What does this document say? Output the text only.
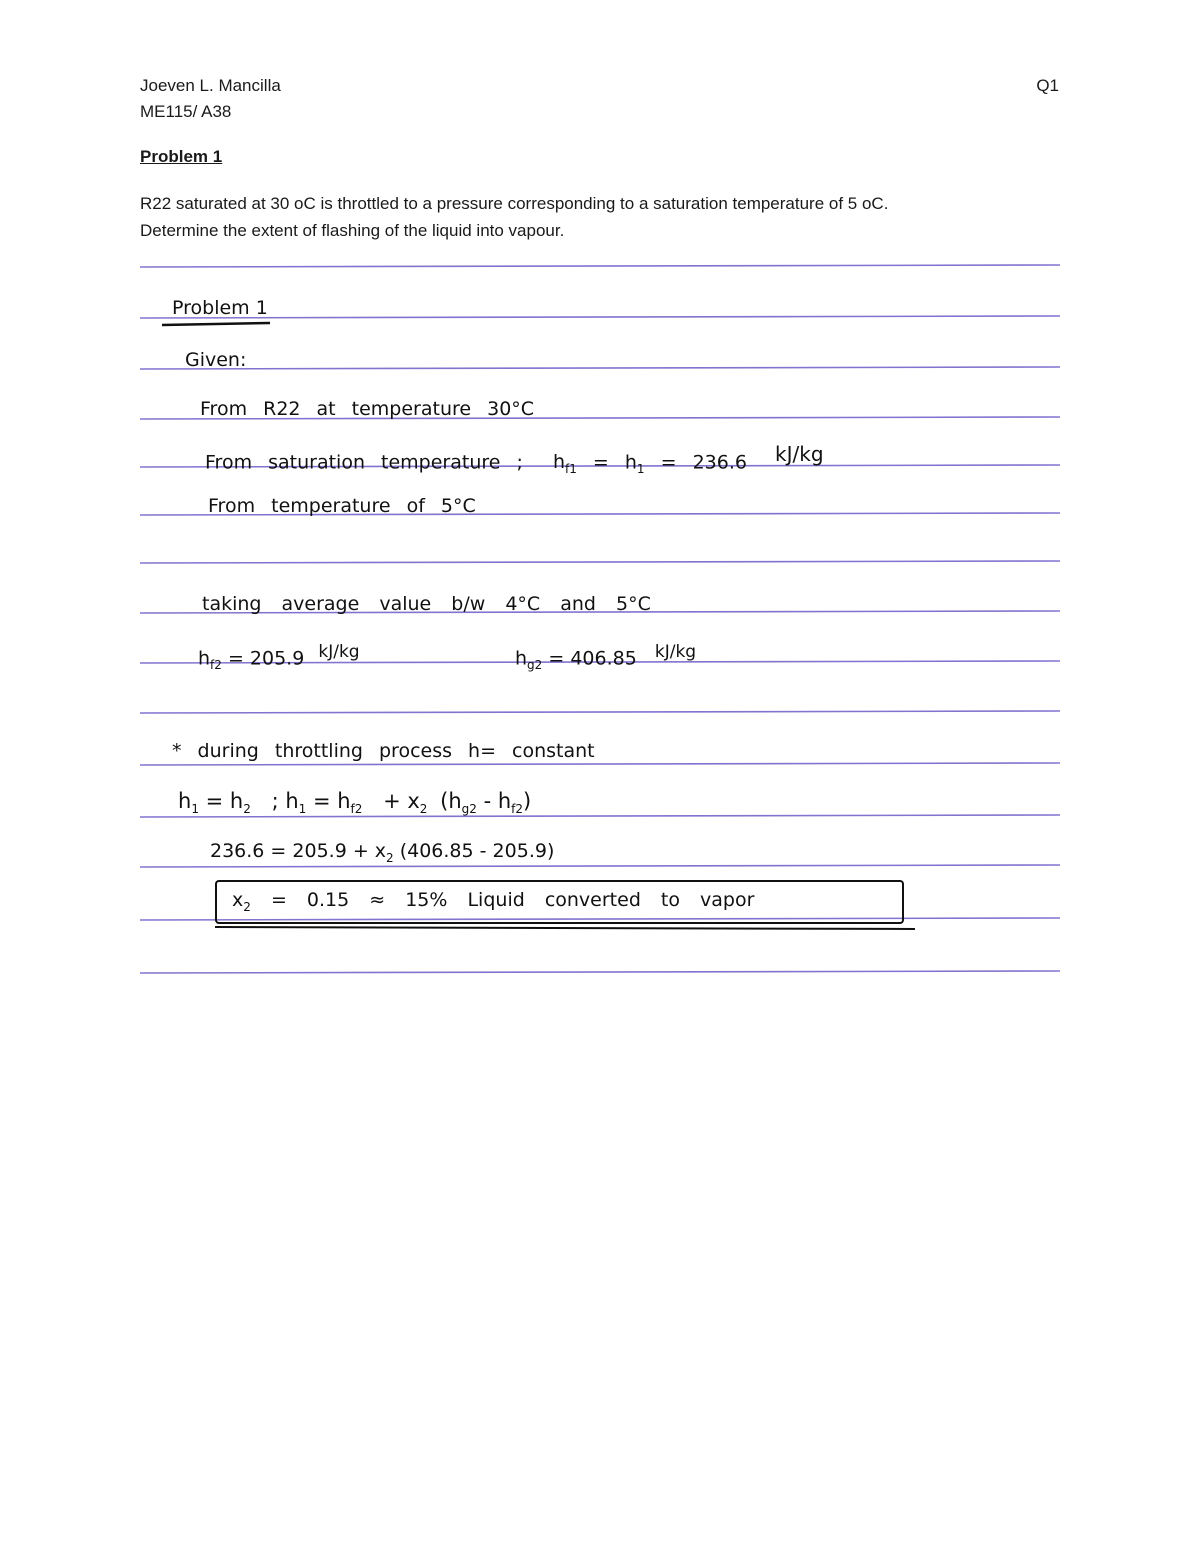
Joeven L. Mancilla
ME115/ A38
Q1
Problem 1
R22 saturated at 30 oC is throttled to a pressure corresponding to a saturation temperature of 5 oC.
Determine the extent of flashing of the liquid into vapour.
Problem 1
Given:
From R22 at temperature 30°C
From saturation temperature ; $h_{f1} = h_1 = 236.6$ $^{kJ/kg}$
From temperature of 5°C
taking average value b/w 4°C and 5°C
$h_{f2} = 205.9$ $^{kJ/kg}$	$h_{g2} = 406.85$ $^{kJ/kg}$
* during throttling process h= constant
$h_1 = h_2$ ; $h_1 = h_{f2} + x_2$ $(h_{g2} - h_{f2})$
$236.6 = 205.9 + x_2$ (406.85 - 205.9)
$x_2 = 0.15 \approx 15\%$ Liquid converted to vapor
